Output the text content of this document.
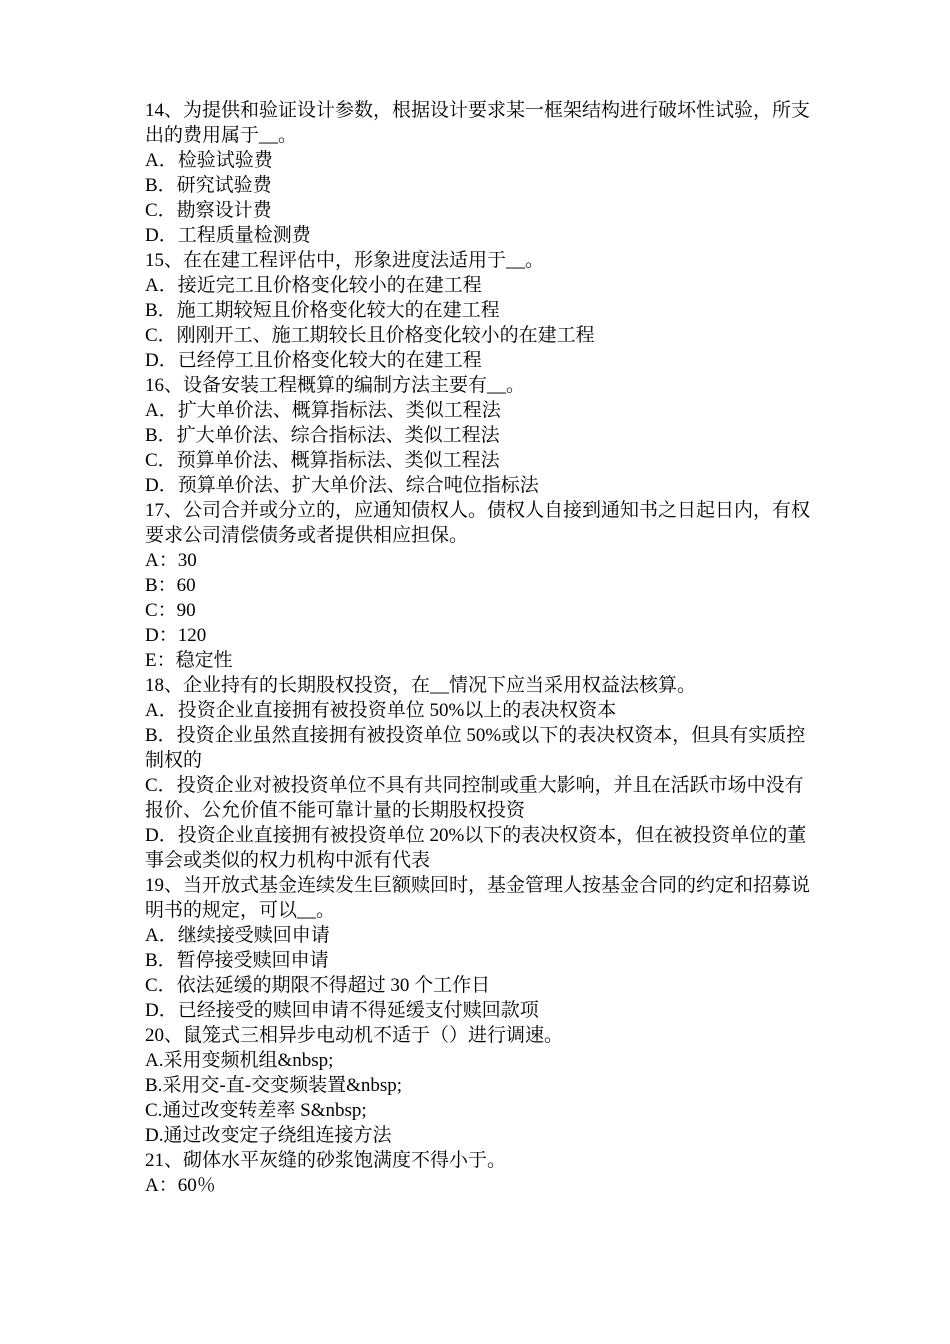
14、为提供和验证设计参数，根据设计要求某一框架结构进行破坏性试验，所支
出的费用属于__。
A．检验试验费
B．研究试验费
C．勘察设计费
D．工程质量检测费
15、在在建工程评估中，形象进度法适用于__。
A．接近完工且价格变化较小的在建工程
B．施工期较短且价格变化较大的在建工程
C．刚刚开工、施工期较长且价格变化较小的在建工程
D．已经停工且价格变化较大的在建工程
16、设备安装工程概算的编制方法主要有__。
A．扩大单价法、概算指标法、类似工程法
B．扩大单价法、综合指标法、类似工程法
C．预算单价法、概算指标法、类似工程法
D．预算单价法、扩大单价法、综合吨位指标法
17、公司合并或分立的，应通知债权人。债权人自接到通知书之日起日内，有权
要求公司清偿债务或者提供相应担保。
A：30
B：60
C：90
D：120
E：稳定性
18、企业持有的长期股权投资，在__情况下应当采用权益法核算。
A．投资企业直接拥有被投资单位 50%以上的表决权资本
B．投资企业虽然直接拥有被投资单位 50%或以下的表决权资本，但具有实质控
制权的
C．投资企业对被投资单位不具有共同控制或重大影响，并且在活跃市场中没有
报价、公允价值不能可靠计量的长期股权投资
D．投资企业直接拥有被投资单位 20%以下的表决权资本，但在被投资单位的董
事会或类似的权力机构中派有代表
19、当开放式基金连续发生巨额赎回时，基金管理人按基金合同的约定和招募说
明书的规定，可以__。
A．继续接受赎回申请
B．暂停接受赎回申请
C．依法延缓的期限不得超过 30 个工作日
D．已经接受的赎回申请不得延缓支付赎回款项
20、鼠笼式三相异步电动机不适于（）进行调速。
A.采用变频机组&nbsp;
B.采用交-直-交变频装置&nbsp;
C.通过改变转差率 S&nbsp;
D.通过改变定子绕组连接方法
21、砌体水平灰缝的砂浆饱满度不得小于。
A：60％
